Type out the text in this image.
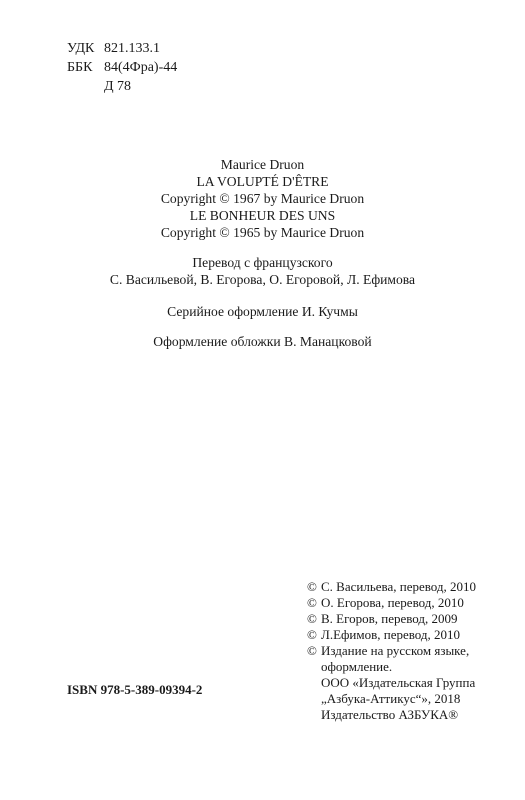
УДК 821.133.1
ББК 84(4Фра)-44
Д 78
Maurice Druon
LA VOLUPTÉ D'ÊTRE
Copyright © 1967 by Maurice Druon
LE BONHEUR DES UNS
Copyright © 1965 by Maurice Druon
Перевод с французского
С. Васильевой, В. Егорова, О. Егоровой, Л. Ефимова
Серийное оформление И. Кучмы
Оформление обложки В. Манацковой
© С. Васильева, перевод, 2010
© О. Егорова, перевод, 2010
© В. Егоров, перевод, 2009
© Л.Ефимов, перевод, 2010
© Издание на русском языке,
оформление.
ООО «Издательская Группа
„Азбука-Аттикус“», 2018
Издательство АЗБУКА®
ISBN 978-5-389-09394-2
